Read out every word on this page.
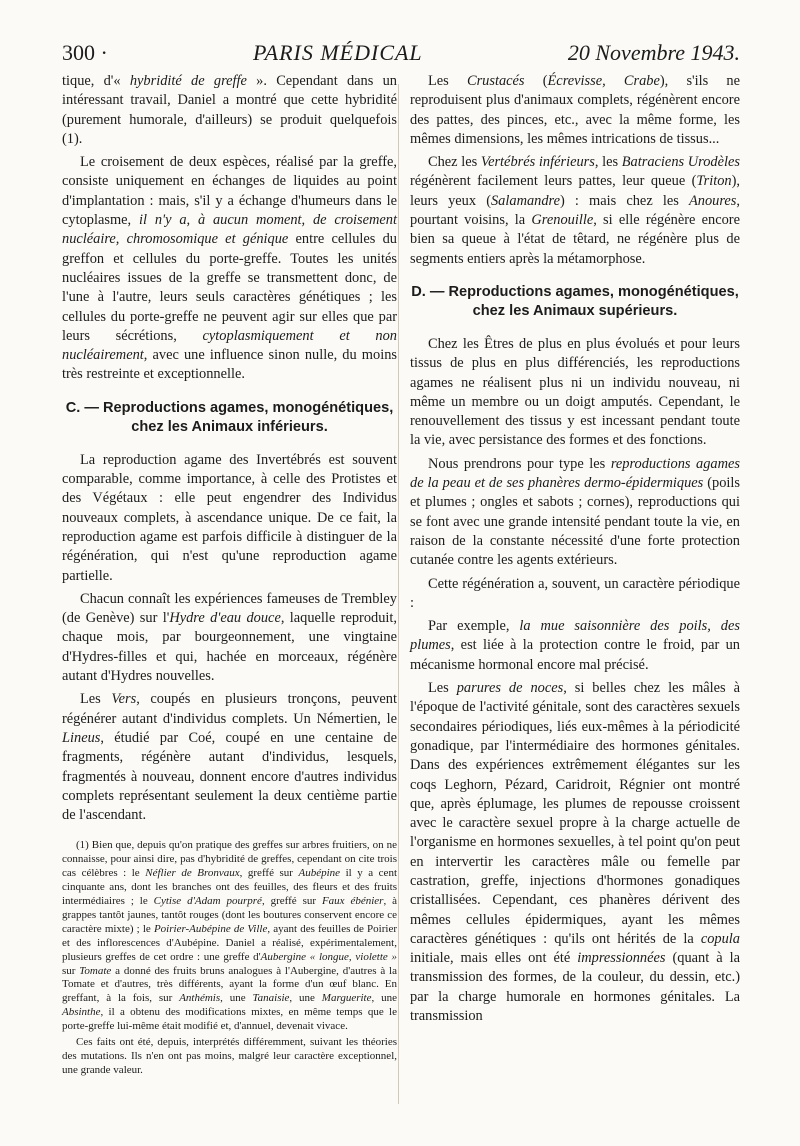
300 ·	PARIS MÉDICAL	20 Novembre 1943.

tique, d'« hybridité de greffe ». Cependant dans un intéressant travail, Daniel a montré que cette hybridité (purement humorale, d'ailleurs) se produit quelquefois (1).

Le croisement de deux espèces, réalisé par la greffe, consiste uniquement en échanges de liquides au point d'implantation : mais, s'il y a échange d'humeurs dans le cytoplasme, il n'y a, à aucun moment, de croisement nucléaire, chromosomique et génique entre cellules du greffon et cellules du porte-greffe. Toutes les unités nucléaires issues de la greffe se transmettent donc, de l'une à l'autre, leurs seuls caractères génétiques ; les cellules du porte-greffe ne peuvent agir sur elles que par leurs sécrétions, cytoplasmiquement et non nucléairement, avec une influence sinon nulle, du moins très restreinte et exceptionnelle.

C. — Reproductions agames, monogénétiques, chez les Animaux inférieurs.

La reproduction agame des Invertébrés est souvent comparable, comme importance, à celle des Protistes et des Végétaux : elle peut engendrer des Individus nouveaux complets, à ascendance unique. De ce fait, la reproduction agame est parfois difficile à distinguer de la régénération, qui n'est qu'une reproduction agame partielle.

Chacun connaît les expériences fameuses de Trembley (de Genève) sur l'Hydre d'eau douce, laquelle reproduit, chaque mois, par bourgeonnement, une vingtaine d'Hydres-filles et qui, hachée en morceaux, régénère autant d'Hydres nouvelles.

Les Vers, coupés en plusieurs tronçons, peuvent régénérer autant d'individus complets. Un Némertien, le Lineus, étudié par Coé, coupé en une centaine de fragments, régénère autant d'individus, lesquels, fragmentés à nouveau, donnent encore d'autres individus complets représentant seulement la deux centième partie de l'ascendant.

(1) Bien que, depuis qu'on pratique des greffes sur arbres fruitiers, on ne connaisse, pour ainsi dire, pas d'hybridité de greffes, cependant on cite trois cas célèbres : le Néflier de Bronvaux, greffé sur Aubépine il y a cent cinquante ans, dont les branches ont des feuilles, des fleurs et des fruits intermédiaires ; le Cytise d'Adam pourpré, greffé sur Faux ébénier, à grappes tantôt jaunes, tantôt rouges (dont les boutures conservent encore ce caractère mixte) ; le Poirier-Aubépine de Ville, ayant des feuilles de Poirier et des inflorescences d'Aubépine. Daniel a réalisé, expérimentalement, plusieurs greffes de cet ordre : une greffe d'Aubergine « longue, violette » sur Tomate a donné des fruits bruns analogues à l'Aubergine, d'autres à la Tomate et d'autres, très différents, ayant la forme d'un œuf blanc. En greffant, à la fois, sur Anthémis, une Tanaisie, une Marguerite, une Absinthe, il a obtenu des modifications mixtes, en même temps que le porte-greffe lui-même était modifié et, d'annuel, devenait vivace.

Ces faits ont été, depuis, interprétés différemment, suivant les théories des mutations. Ils n'en ont pas moins, malgré leur caractère exceptionnel, une grande valeur.

Les Crustacés (Écrevisse, Crabe), s'ils ne reproduisent plus d'animaux complets, régénèrent encore des pattes, des pinces, etc., avec la même forme, les mêmes dimensions, les mêmes intrications de tissus...

Chez les Vertébrés inférieurs, les Batraciens Urodèles régénèrent facilement leurs pattes, leur queue (Triton), leurs yeux (Salamandre) : mais chez les Anoures, pourtant voisins, la Grenouille, si elle régénère encore bien sa queue à l'état de têtard, ne régénère plus de segments entiers après la métamorphose.

D. — Reproductions agames, monogénétiques, chez les Animaux supérieurs.

Chez les Êtres de plus en plus évolués et pour leurs tissus de plus en plus différenciés, les reproductions agames ne réalisent plus ni un individu nouveau, ni même un membre ou un doigt amputés. Cependant, le renouvellement des tissus y est incessant pendant toute la vie, avec persistance des formes et des fonctions.

Nous prendrons pour type les reproductions agames de la peau et de ses phanères dermo-épidermiques (poils et plumes ; ongles et sabots ; cornes), reproductions qui se font avec une grande intensité pendant toute la vie, en raison de la constante nécessité d'une forte protection cutanée contre les agents extérieurs.

Cette régénération a, souvent, un caractère périodique :

Par exemple, la mue saisonnière des poils, des plumes, est liée à la protection contre le froid, par un mécanisme hormonal encore mal précisé.

Les parures de noces, si belles chez les mâles à l'époque de l'activité génitale, sont des caractères sexuels secondaires périodiques, liés eux-mêmes à la périodicité gonadique, par l'intermédiaire des hormones génitales. Dans des expériences extrêmement élégantes sur les coqs Leghorn, Pézard, Caridroit, Régnier ont montré que, après éplumage, les plumes de repousse croissent avec le caractère sexuel propre à la charge actuelle de l'organisme en hormones sexuelles, à tel point qu'on peut en intervertir les caractères mâle ou femelle par castration, greffe, injections d'hormones gonadiques cristallisées. Cependant, ces phanères dérivent des mêmes cellules épidermiques, ayant les mêmes caractères génétiques : qu'ils ont hérités de la copula initiale, mais elles ont été impressionnées (quant à la transmission des formes, de la couleur, du dessin, etc.) par la charge humorale en hormones génitales. La transmission
